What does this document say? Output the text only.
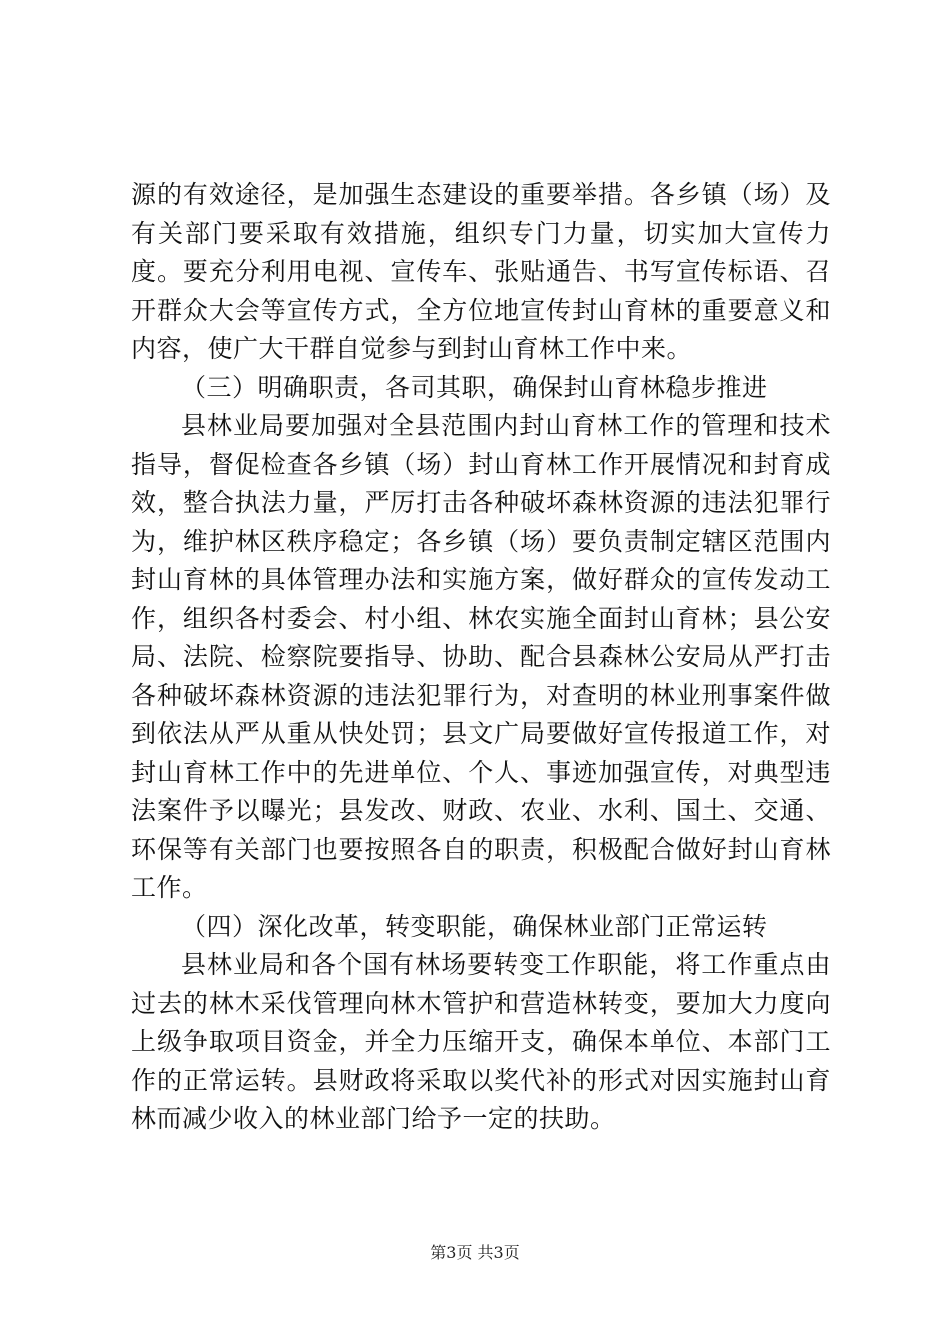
源的有效途径，是加强生态建设的重要举措。各乡镇（场）及有关部门要采取有效措施，组织专门力量，切实加大宣传力度。要充分利用电视、宣传车、张贴通告、书写宣传标语、召开群众大会等宣传方式，全方位地宣传封山育林的重要意义和内容，使广大干群自觉参与到封山育林工作中来。

（三）明确职责，各司其职，确保封山育林稳步推进

县林业局要加强对全县范围内封山育林工作的管理和技术指导，督促检查各乡镇（场）封山育林工作开展情况和封育成效，整合执法力量，严厉打击各种破坏森林资源的违法犯罪行为，维护林区秩序稳定；各乡镇（场）要负责制定辖区范围内封山育林的具体管理办法和实施方案，做好群众的宣传发动工作，组织各村委会、村小组、林农实施全面封山育林；县公安局、法院、检察院要指导、协助、配合县森林公安局从严打击各种破坏森林资源的违法犯罪行为，对查明的林业刑事案件做到依法从严从重从快处罚；县文广局要做好宣传报道工作，对封山育林工作中的先进单位、个人、事迹加强宣传，对典型违法案件予以曝光；县发改、财政、农业、水利、国土、交通、环保等有关部门也要按照各自的职责，积极配合做好封山育林工作。

（四）深化改革，转变职能，确保林业部门正常运转

县林业局和各个国有林场要转变工作职能，将工作重点由过去的林木采伐管理向林木管护和营造林转变，要加大力度向上级争取项目资金，并全力压缩开支，确保本单位、本部门工作的正常运转。县财政将采取以奖代补的形式对因实施封山育林而减少收入的林业部门给予一定的扶助。

第3页 共3页
